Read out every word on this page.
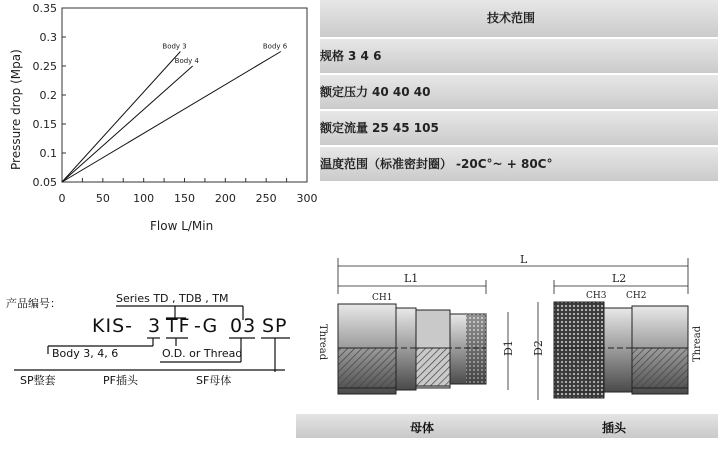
0	50 100 150 200 250 300
0.05
0.1
0.15
0.2
0.25
0.3
0.35
Body 3
Body 4
Body 6
Flow L/Min
Pressure drop (Mpa)
技术范围
规格 3 4 6
额定压力 40 40 40
额定流量 25 45 105
温度范围（标准密封圈） -20C°~ + 80C°
产品编号：	Series TD , TDB , TM
KIS- 3 TF -G 03 SP
Body 3, 4, 6	O.D. or Thread
SP整套	PF插头	SF母体
L
L1	L2
D1 D2
CH1
Thread
CH3 CH2
Thread
母体	插头
